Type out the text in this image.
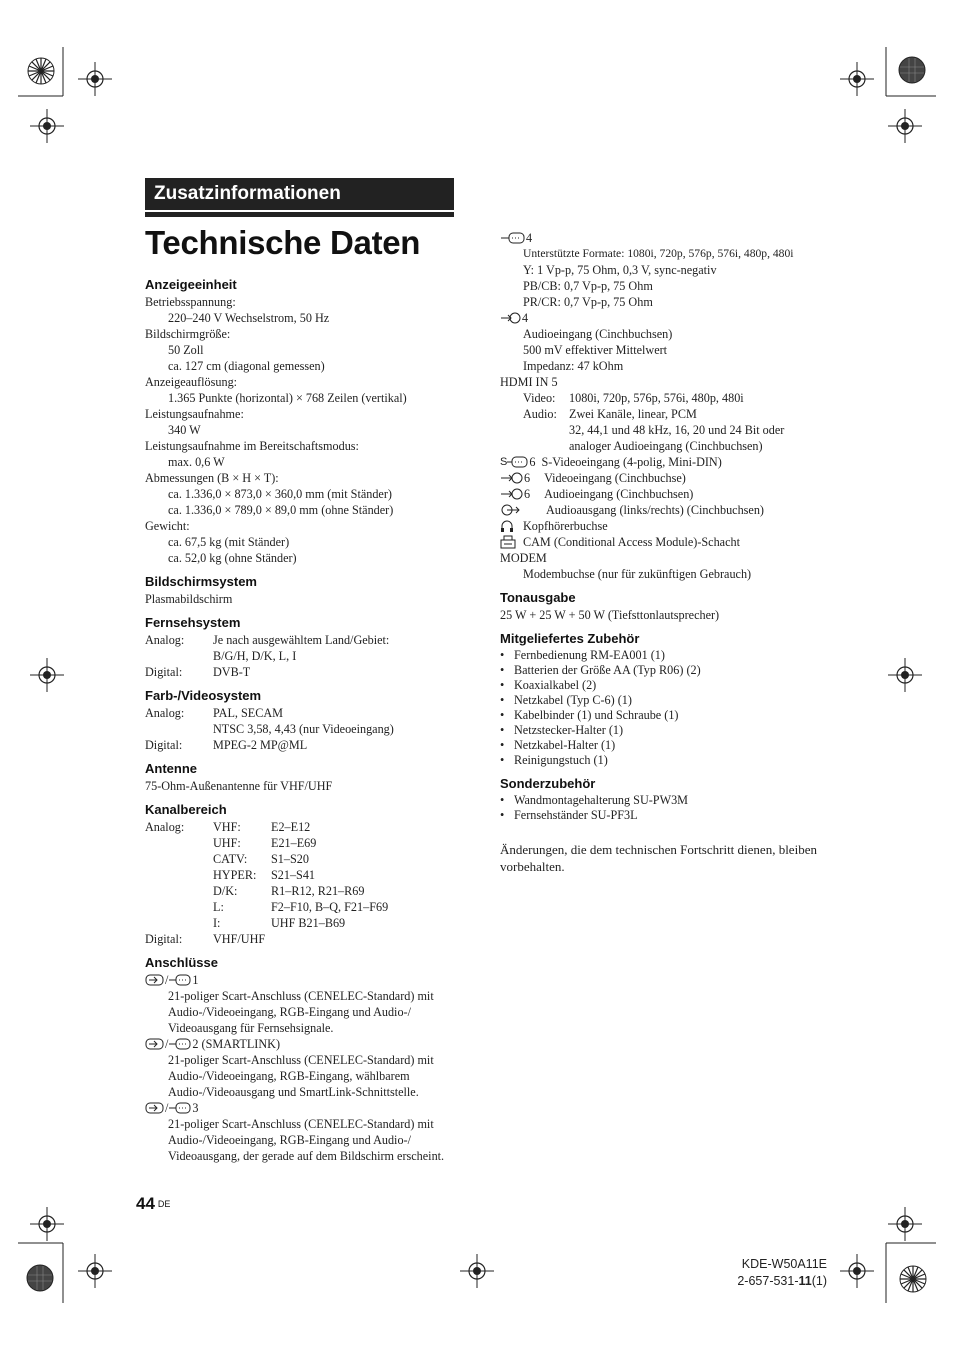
Zusatzinformationen
Technische Daten
Anzeigeeinheit
Betriebsspannung:
220–240 V Wechselstrom, 50 Hz
Bildschirmgröße:
50 Zoll
ca. 127 cm (diagonal gemessen)
Anzeigeauflösung:
1.365 Punkte (horizontal) × 768 Zeilen (vertikal)
Leistungsaufnahme:
340 W
Leistungsaufnahme im Bereitschaftsmodus:
max. 0,6 W
Abmessungen (B × H × T):
ca. 1.336,0 × 873,0 × 360,0 mm (mit Ständer)
ca. 1.336,0 × 789,0 × 89,0 mm (ohne Ständer)
Gewicht:
ca. 67,5 kg (mit Ständer)
ca. 52,0 kg (ohne Ständer)
Bildschirmsystem
Plasmabildschirm
Fernsehsystem
Analog:	Je nach ausgewähltem Land/Gebiet:
B/G/H, D/K, L, I
Digital:	DVB-T
Farb-/Videosystem
Analog:	PAL, SECAM
NTSC 3,58, 4,43 (nur Videoeingang)
Digital:	MPEG-2 MP@ML
Antenne
75-Ohm-Außenantenne für VHF/UHF
Kanalbereich
Analog:	VHF:	E2–E12
UHF:	E21–E69
CATV:	S1–S20
HYPER:	S21–S41
D/K:	R1–R12, R21–R69
L:	F2–F10, B–Q, F21–F69
I:	UHF B21–B69
Digital:	VHF/UHF
Anschlüsse
/ 1
21-poliger Scart-Anschluss (CENELEC-Standard) mit
Audio-/Videoeingang, RGB-Eingang und Audio-/
Videoausgang für Fernsehsignale.
/ 2 (SMARTLINK)
21-poliger Scart-Anschluss (CENELEC-Standard) mit
Audio-/Videoeingang, RGB-Eingang, wählbarem
Audio-/Videoausgang und SmartLink-Schnittstelle.
/ 3
21-poliger Scart-Anschluss (CENELEC-Standard) mit
Audio-/Videoeingang, RGB-Eingang und Audio-/
Videoausgang, der gerade auf dem Bildschirm erscheint.
4
Unterstützte Formate: 1080i, 720p, 576p, 576i, 480p, 480i
Y: 1 Vp-p, 75 Ohm, 0,3 V, sync-negativ
PB/CB: 0,7 Vp-p, 75 Ohm
PR/CR: 0,7 Vp-p, 75 Ohm
4
Audioeingang (Cinchbuchsen)
500 mV effektiver Mittelwert
Impedanz: 47 kOhm
HDMI IN 5
Video:	1080i, 720p, 576p, 576i, 480p, 480i
Audio: Zwei Kanäle, linear, PCM
32, 44,1 und 48 kHz, 16, 20 und 24 Bit oder
analoger Audioeingang (Cinchbuchsen)
S 6 S-Videoeingang (4-polig, Mini-DIN)
6 Videoeingang (Cinchbuchse)
6 Audioeingang (Cinchbuchsen)
Audioausgang (links/rechts) (Cinchbuchsen)
Kopfhörerbuchse
CAM (Conditional Access Module)-Schacht
MODEM
Modembuchse (nur für zukünftigen Gebrauch)
Tonausgabe
25 W + 25 W + 50 W (Tiefsttonlautsprecher)
Mitgeliefertes Zubehör
• Fernbedienung RM-EA001 (1)
• Batterien der Größe AA (Typ R06) (2)
• Koaxialkabel (2)
• Netzkabel (Typ C-6) (1)
• Kabelbinder (1) und Schraube (1)
• Netzstecker-Halter (1)
• Netzkabel-Halter (1)
• Reinigungstuch (1)
Sonderzubehör
• Wandmontagehalterung SU-PW3M
• Fernsehständer SU-PF3L
Änderungen, die dem technischen Fortschritt dienen, bleiben vorbehalten.
44 DE
KDE-W50A11E
2-657-531-11(1)
